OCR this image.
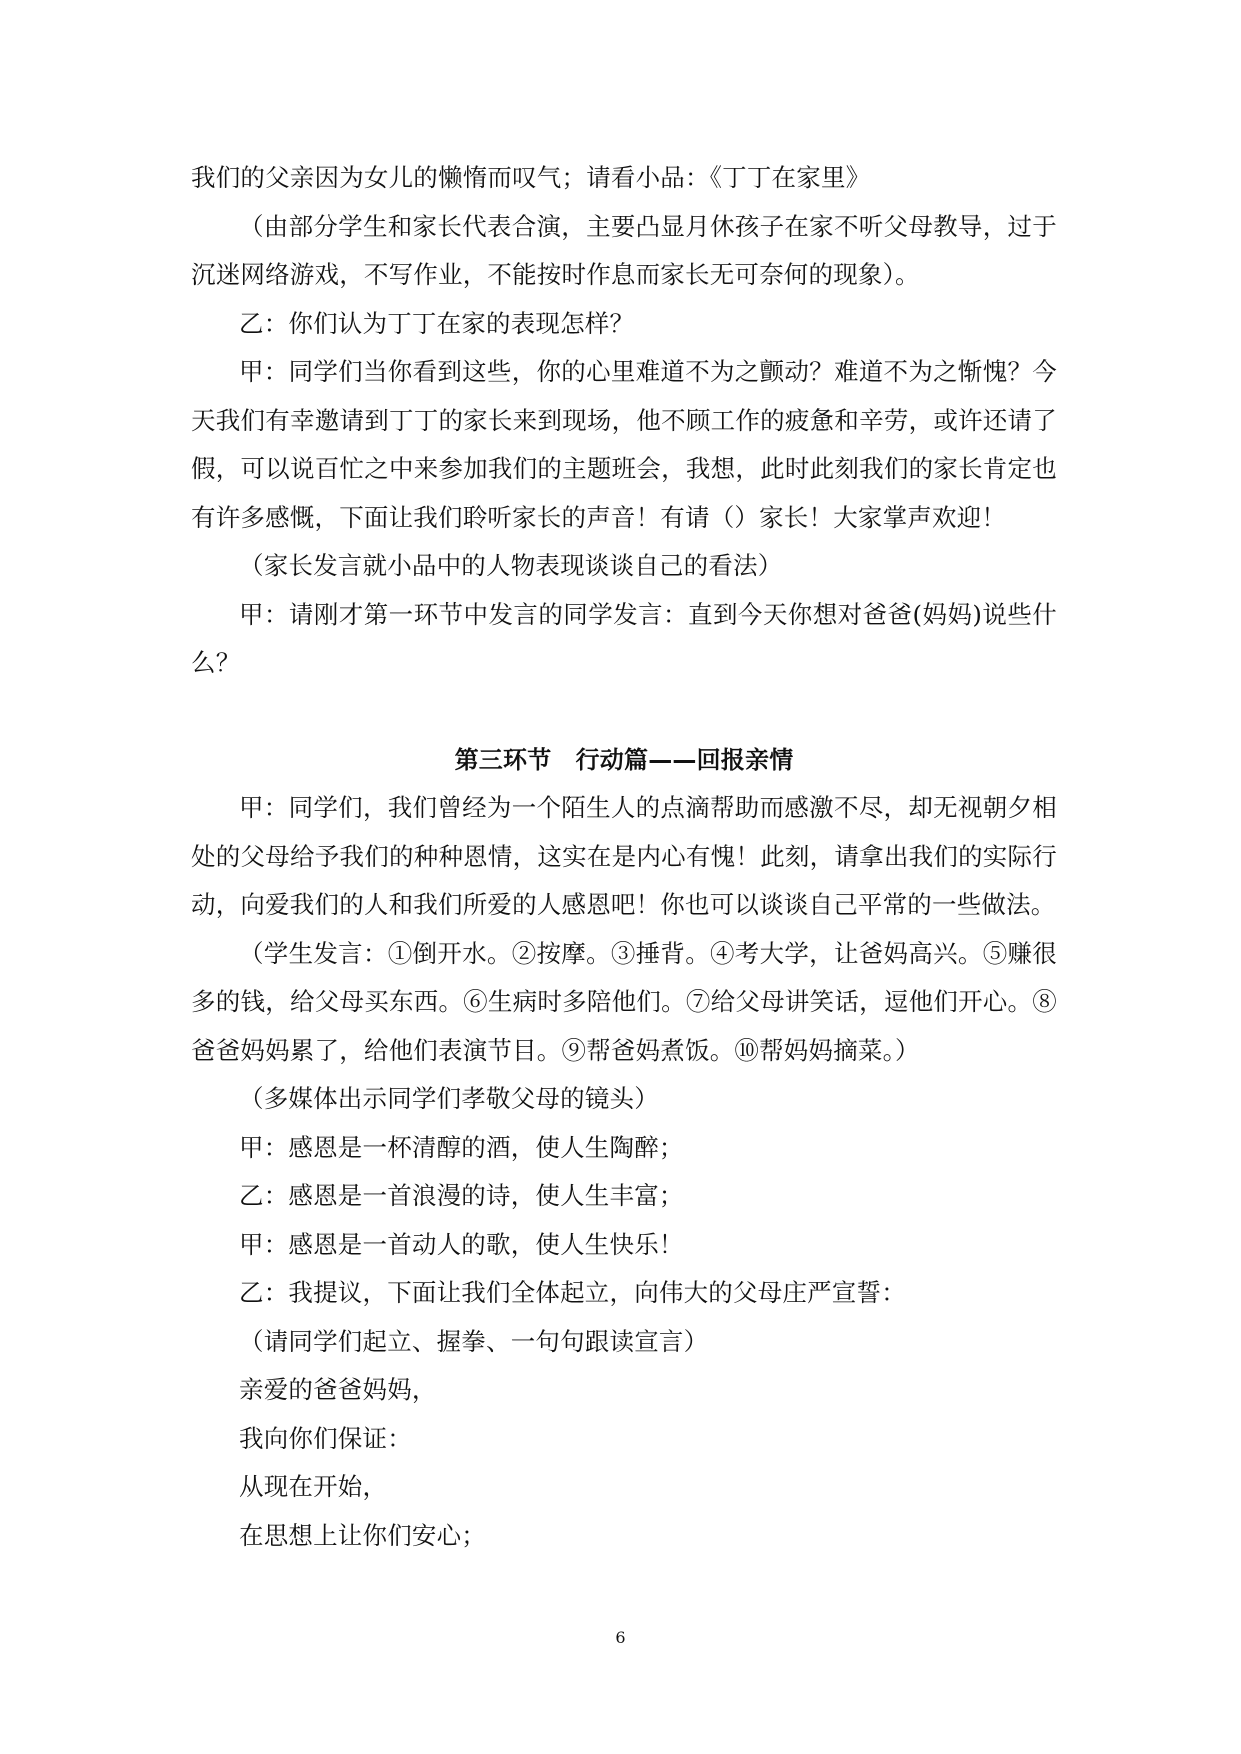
我们的父亲因为女儿的懒惰而叹气；请看小品：《丁丁在家里》

（由部分学生和家长代表合演，主要凸显月休孩子在家不听父母教导，过于沉迷网络游戏，不写作业，不能按时作息而家长无可奈何的现象）。

乙：你们认为丁丁在家的表现怎样？

甲：同学们当你看到这些，你的心里难道不为之颤动？难道不为之惭愧？今天我们有幸邀请到丁丁的家长来到现场，他不顾工作的疲惫和辛劳，或许还请了假，可以说百忙之中来参加我们的主题班会，我想，此时此刻我们的家长肯定也有许多感慨，下面让我们聆听家长的声音！有请（）家长！大家掌声欢迎！

（家长发言就小品中的人物表现谈谈自己的看法）

甲：请刚才第一环节中发言的同学发言：直到今天你想对爸爸(妈妈)说些什么？

第三环节　行动篇——回报亲情

甲：同学们，我们曾经为一个陌生人的点滴帮助而感激不尽，却无视朝夕相处的父母给予我们的种种恩情，这实在是内心有愧！此刻，请拿出我们的实际行动，向爱我们的人和我们所爱的人感恩吧！你也可以谈谈自己平常的一些做法。

（学生发言：①倒开水。②按摩。③捶背。④考大学，让爸妈高兴。⑤赚很多的钱，给父母买东西。⑥生病时多陪他们。⑦给父母讲笑话，逗他们开心。⑧爸爸妈妈累了，给他们表演节目。⑨帮爸妈煮饭。⑩帮妈妈摘菜。）

（多媒体出示同学们孝敬父母的镜头）

甲：感恩是一杯清醇的酒，使人生陶醉；

乙：感恩是一首浪漫的诗，使人生丰富；

甲：感恩是一首动人的歌，使人生快乐！

乙：我提议，下面让我们全体起立，向伟大的父母庄严宣誓：

（请同学们起立、握拳、一句句跟读宣言）

亲爱的爸爸妈妈，

我向你们保证：

从现在开始，

在思想上让你们安心；

6
